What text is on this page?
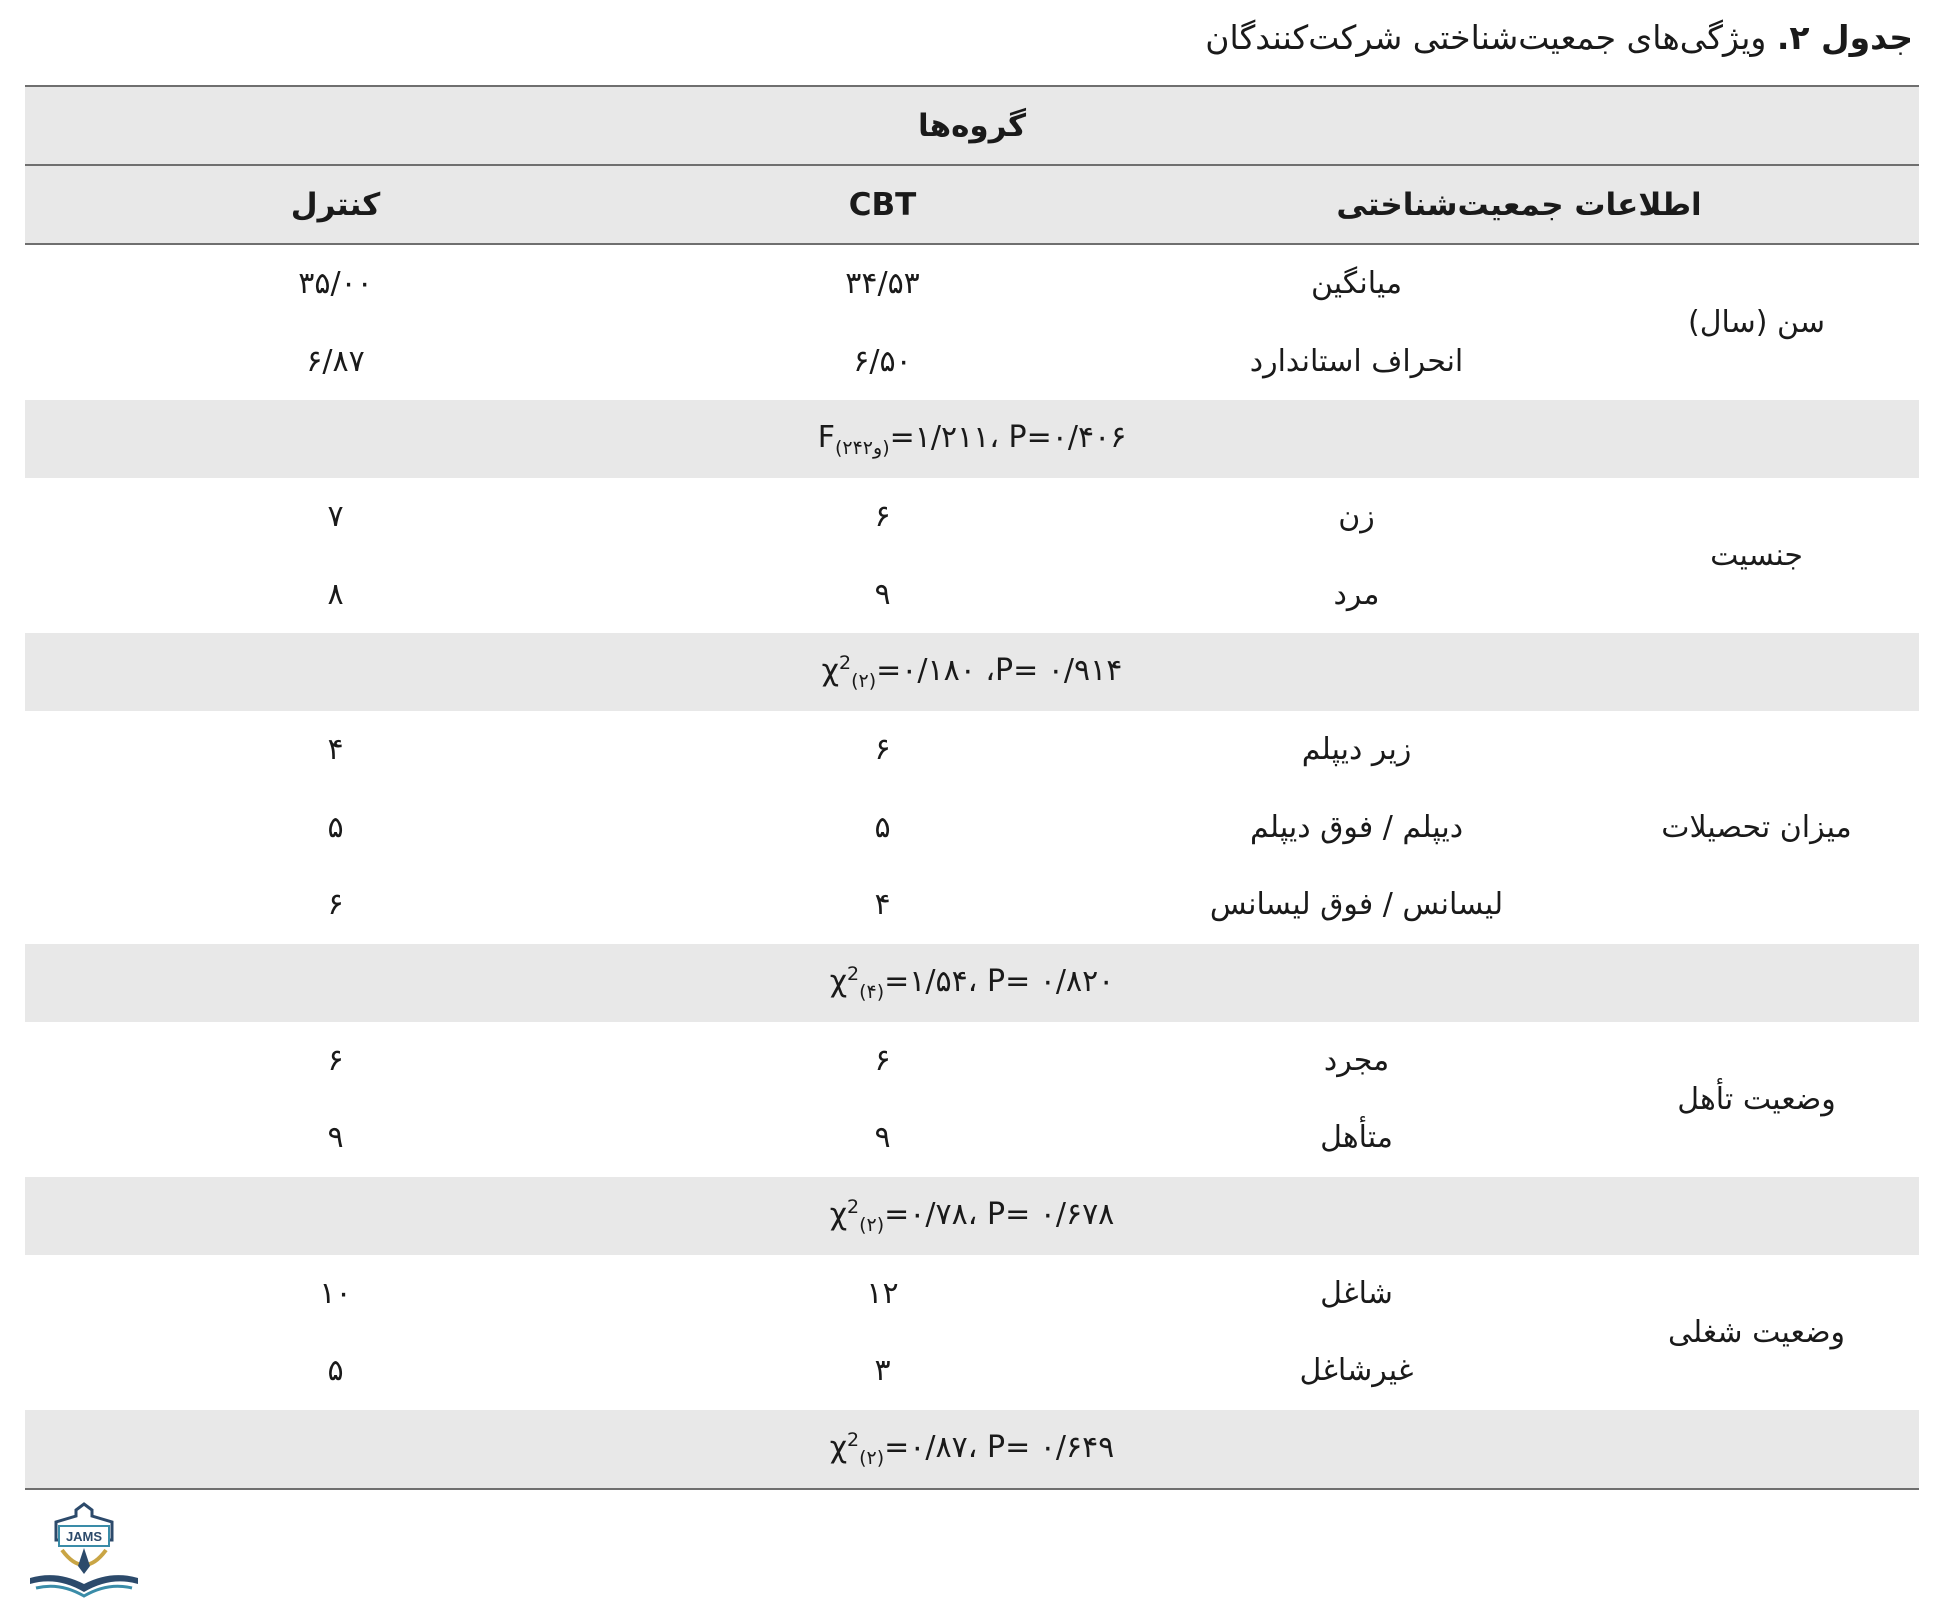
جدول ۲. ویژگی‌های جمعیت‌شناختی شرکت‌کنندگان
گروه‌ها			
اطلاعات جمعیت‌شناختی		CBT	کنترل
سن (سال)	میانگین	۳۴/۵۳	۳۵/۰۰
	انحراف استاندارد	۶/۵۰	۶/۸۷
$F_{(۲و۴۲)}=۱/۲۱۱،$ P=۰/۴۰۶			
جنسیت	زن	۶	۷
	مرد	۹	۸
$\chi^2_{(۲)}=۰/۱۸۰$ ،P= ۰/۹۱۴			
میزان تحصیلات	زیر دیپلم	۶	۴
	دیپلم / فوق دیپلم	۵	۵
	لیسانس / فوق لیسانس	۴	۶
$\chi^2_{(۴)}=۱/۵۴،$ P= ۰/۸۲۰			
وضعیت تأهل	مجرد	۶	۶
	متأهل	۹	۹
$\chi^2_{(۲)}=۰/۷۸،$ P= ۰/۶۷۸			
وضعیت شغلی	شاغل	۱۲	۱۰
	غیرشاغل	۳	۵
$\chi^2_{(۲)}=۰/۸۷،$ P= ۰/۶۴۹			
JAMS
